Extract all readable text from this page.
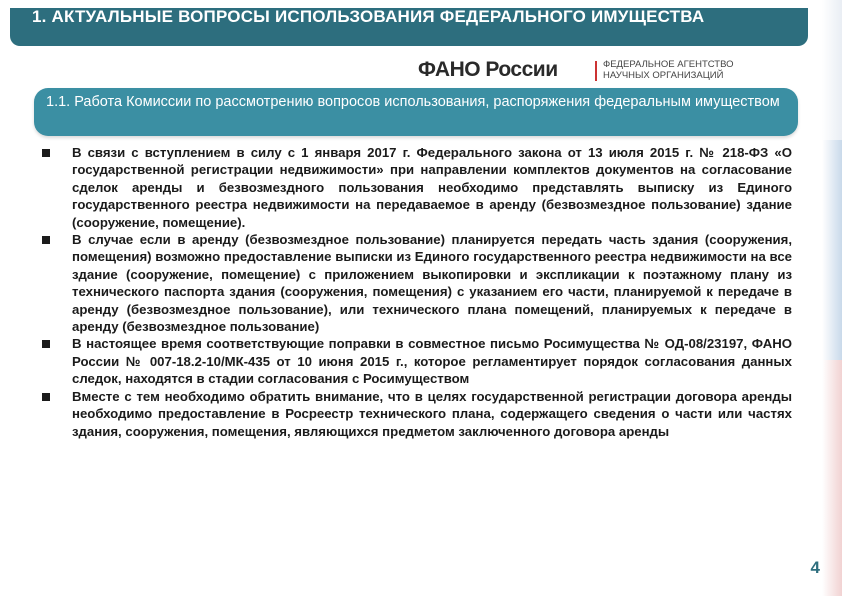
1. АКТУАЛЬНЫЕ ВОПРОСЫ ИСПОЛЬЗОВАНИЯ ФЕДЕРАЛЬНОГО ИМУЩЕСТВА
ФАНО России	ФЕДЕРАЛЬНОЕ АГЕНТСТВО НАУЧНЫХ ОРГАНИЗАЦИЙ
1.1. Работа Комиссии по рассмотрению вопросов использования, распоряжения федеральным имуществом
В связи с вступлением в силу с 1 января 2017 г. Федерального закона от 13 июля 2015 г. № 218-ФЗ «О государственной регистрации недвижимости» при направлении комплектов документов на согласование сделок аренды и безвозмездного пользования необходимо представлять выписку из Единого государственного реестра недвижимости на передаваемое в аренду (безвозмездное пользование) здание (сооружение, помещение).
В случае если в аренду (безвозмездное пользование) планируется передать часть здания (сооружения, помещения) возможно предоставление выписки из Единого государственного реестра недвижимости на все здание (сооружение, помещение) с приложением выкопировки и экспликации к поэтажному плану из технического паспорта здания (сооружения, помещения) с указанием его части, планируемой к передаче в аренду (безвозмездное пользование), или технического плана помещений, планируемых к передаче в аренду (безвозмездное пользование)
В настоящее время соответствующие поправки в совместное письмо Росимущества № ОД-08/23197, ФАНО России № 007-18.2-10/МК-435 от 10 июня 2015 г., которое регламентирует порядок согласования данных следок, находятся в стадии согласования с Росимуществом
Вместе с тем необходимо обратить внимание, что в целях государственной регистрации договора аренды необходимо предоставление в Росреестр технического плана, содержащего сведения о части или частях здания, сооружения, помещения, являющихся предметом заключенного договора аренды
4
